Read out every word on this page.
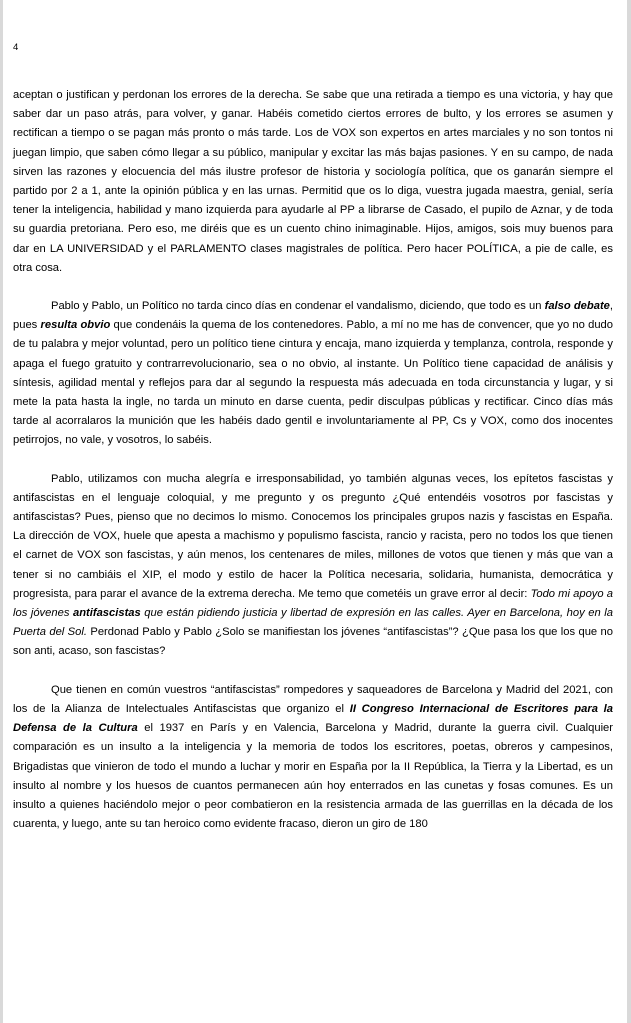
4

aceptan o justifican y perdonan los errores de la derecha. Se sabe que una retirada a tiempo es una victoria, y hay que saber dar un paso atrás, para volver, y ganar. Habéis cometido ciertos errores de bulto, y los errores se asumen y rectifican a tiempo o se pagan más pronto o más tarde. Los de VOX son expertos en artes marciales y no son tontos ni juegan limpio, que saben cómo llegar a su público, manipular y excitar las más bajas pasiones. Y en su campo, de nada sirven las razones y elocuencia del más ilustre profesor de historia y sociología política, que os ganarán siempre el partido por 2 a 1, ante la opinión pública y en las urnas. Permitid que os lo diga, vuestra jugada maestra, genial, sería tener la inteligencia, habilidad y mano izquierda para ayudarle al PP a librarse de Casado, el pupilo de Aznar, y de toda su guardia pretoriana. Pero eso, me diréis que es un cuento chino inimaginable. Hijos, amigos, sois muy buenos para dar en LA UNIVERSIDAD y el PARLAMENTO clases magistrales de política. Pero hacer POLÍTICA, a pie de calle, es otra cosa.

Pablo y Pablo, un Político no tarda cinco días en condenar el vandalismo, diciendo, que todo es un falso debate, pues resulta obvio que condenáis la quema de los contenedores. Pablo, a mí no me has de convencer, que yo no dudo de tu palabra y mejor voluntad, pero un político tiene cintura y encaja, mano izquierda y templanza, controla, responde y apaga el fuego gratuito y contrarrevolucionario, sea o no obvio, al instante. Un Político tiene capacidad de análisis y síntesis, agilidad mental y reflejos para dar al segundo la respuesta más adecuada en toda circunstancia y lugar, y si mete la pata hasta la ingle, no tarda un minuto en darse cuenta, pedir disculpas públicas y rectificar. Cinco días más tarde al acorralaros la munición que les habéis dado gentil e involuntariamente al PP, Cs y VOX, como dos inocentes petirrojos, no vale, y vosotros, lo sabéis.

Pablo, utilizamos con mucha alegría e irresponsabilidad, yo también algunas veces, los epítetos fascistas y antifascistas en el lenguaje coloquial, y me pregunto y os pregunto ¿Qué entendéis vosotros por fascistas y antifascistas? Pues, pienso que no decimos lo mismo. Conocemos los principales grupos nazis y fascistas en España. La dirección de VOX, huele que apesta a machismo y populismo fascista, rancio y racista, pero no todos los que tienen el carnet de VOX son fascistas, y aún menos, los centenares de miles, millones de votos que tienen y más que van a tener si no cambiáis el XIP, el modo y estilo de hacer la Política necesaria, solidaria, humanista, democrática y progresista, para parar el avance de la extrema derecha. Me temo que cometéis un grave error al decir: Todo mi apoyo a los jóvenes antifascistas que están pidiendo justicia y libertad de expresión en las calles. Ayer en Barcelona, hoy en la Puerta del Sol. Perdonad Pablo y Pablo ¿Solo se manifiestan los jóvenes “antifascistas”? ¿Que pasa los que los que no son anti, acaso, son fascistas?

Que tienen en común vuestros “antifascistas” rompedores y saqueadores de Barcelona y Madrid del 2021, con los de la Alianza de Intelectuales Antifascistas que organizo el II Congreso Internacional de Escritores para la Defensa de la Cultura el 1937 en París y en Valencia, Barcelona y Madrid, durante la guerra civil. Cualquier comparación es un insulto a la inteligencia y la memoria de todos los escritores, poetas, obreros y campesinos, Brigadistas que vinieron de todo el mundo a luchar y morir en España por la II República, la Tierra y la Libertad, es un insulto al nombre y los huesos de cuantos permanecen aún hoy enterrados en las cunetas y fosas comunes. Es un insulto a quienes haciéndolo mejor o peor combatieron en la resistencia armada de las guerrillas en la década de los cuarenta, y luego, ante su tan heroico como evidente fracaso, dieron un giro de 180
